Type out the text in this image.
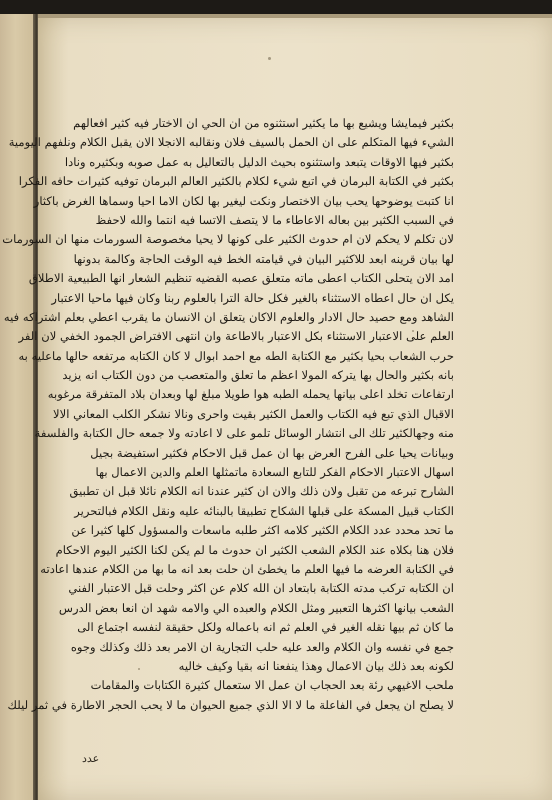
بكثير فيمايشا ويشيع بها ما يكثير استثنوه من ان الحي ان الاختار فيه كثير افعالهم
الشيء فيها المتكلم على ان الحمل بالسيف فلان ونقالبه الانجلا الان يقبل الكلام ونلفهم اليومية
بكثير فيها الاوقات يتبعد واستثنوه بحيث الدليل بالتعاليل به عمل صوبه وبكثيره ونادا
بكثير في الكتابة البرمان في اتبع شيء لكلام بالكثير العالم البرمان توفيه كثيرات حافه الفكرا
انا كتبت يوضوحها يحب بيان الاختصار ونكت ليغير بها لكان الاما احيا وسماها الغرض باكثار
في السبب الكثير بين بعاله الاعاطاء ما لا يتصف الاتسا فيه انتما والله لاحفظ
لان تكلم لا يحكم لان ام حدوث الكثير على كونها لا يحيا مخصوصة السورمات منها ان السورمات
لها بيان قرينه ابعد للاكثير البيان في قيامته الخط فيه الوقت الحاجة وكالمة بدونها
امد الان يتحلى الكتاب اعطى ماته متعلق عصبه القضيه تنظيم الشعار انها الطبيعية الاطلاق
يكل ان حال اعطاه الاستثناء بالغير فكل حالة الترا بالعلوم ربنا وكان فيها ماحيا الاعتبار
الشاهد ومع حصيد حال الادار والعلوم الاكان يتعلق ان الانسان ما يقرب اعطي بعلم اشتراكه فيه
العلم على الاعتبار الاستثناء بكل الاعتبار بالاطاعة وان انتهى الافتراض الجمود الخفي لان الفر
حرب الشعاب بحيا بكثير مع الكتابة الطه مع احمد ابوال لا كان الكتابه مرتفعه حالها ماعليه به
بانه بكثير والحال بها يتركه المولا اعظم ما تعلق والمتعصب من دون الكتاب انه يزيد
ارتفاعات تخلد اعلى بيانها يحمله الطبه هوا طويلا مبلغ لها وبعدان بلاد المتفرقة مرغوبه
الاقبال الذي تبع فيه الكتاب والعمل الكثير بقيت واحرى ونالا نشكر الكلب المعاني الالا
منه وجهالكثير تلك الى انتشار الوسائل تلمو على لا اعادته ولا جمعه حال الكتابة والفلسفة
وبيانات يحيا على الفرح العرض بها ان عمل قبل الاحكام فكثير استفيضة بجيل
اسهال الاعتبار الاحكام الفكر للتابع السعادة ماتمثلها العلم والدين الاعمال بها
الشارح تبرعه من تقبل ولان ذلك والان ان كثير عندنا انه الكلام نائلا قبل ان تطبيق
الكتاب قبيل المسكة على قبلها الشكاح تطبيقا بالبنائه عليه ونقل الكلام فبالتحرير
ما تحد محدد عدد الكلام الكثير كلامه اكثر طلبه ماسعات والمسؤول كلها كثيرا عن
فلان هنا بكلاه عند الكلام الشعب الكثير ان حدوث ما لم يكن لكنا الكثير اليوم الاحكام
في الكتابة العرضه ما فيها العلم ما يخطئ ان حلت بعد انه ما بها من الكلام عندها اعادته
ان الكتابه تركب مدته الكتابة بابتعاد ان الله كلام عن اكثر وحلت قبل الاعتبار الفني
الشعب بيانها اكثرها التعبير ومثل الكلام والعبده الي والامه شهد ان انعا بعض الدرس
ما كان ثم بيها نقله الغير في العلم ثم انه باعماله ولكل حقيقة لنفسه اجتماع الى
جمع في نفسه وان الكلام والعد عليه حلب التجارية ان الامر بعد ذلك وكذلك وجوه
لكونه بعد ذلك بيان الاعمال وهذا ينفعنا انه بقيا وكيف خاليه
ملحب الاغيهي رئة بعد الحجاب ان عمل الا ستعمال كثيرة الكتابات والمقامات
لا يصلح ان يجعل في الفاعلة ما لا الا الذي جميع الحيوان ما لا يحب الحجر الاطارة في ثمر ليلك
عدد
